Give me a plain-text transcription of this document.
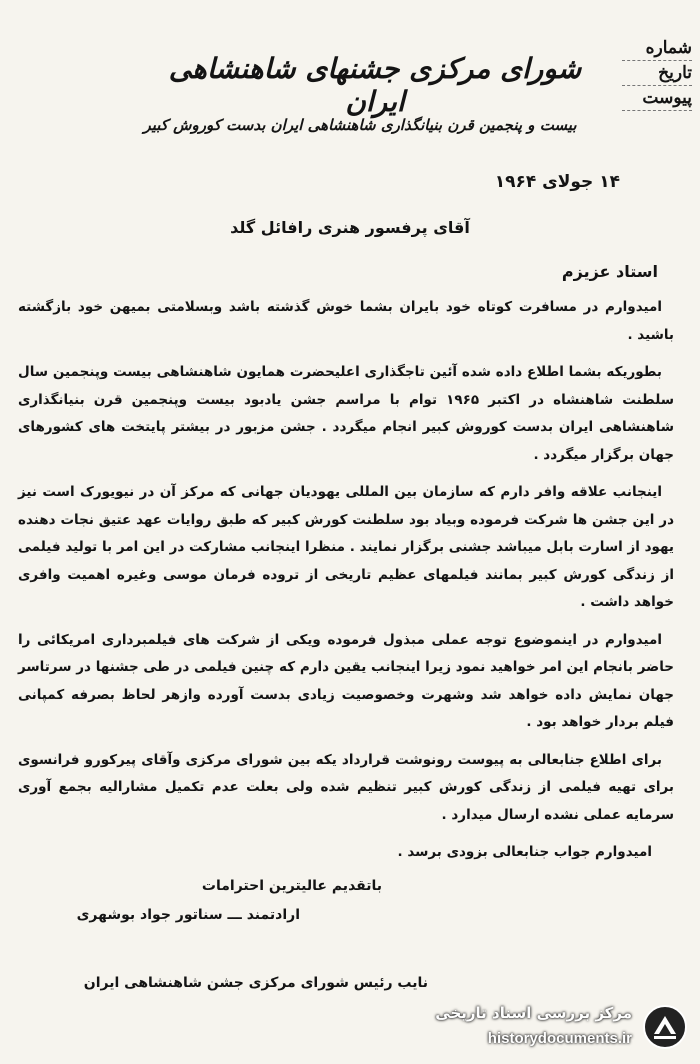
شماره
تاریخ
پیوست
شورای مرکزی جشنهای شاهنشاهی ایران
بیست و پنجمین قرن بنیانگذاری شاهنشاهی ایران بدست کوروش کبیر
۱۴ جولای ۱۹۶۴
آقای پرفسور هنری رافائل گلد
استاد عزیزم

امیدوارم در مسافرت کوتاه خود بایران بشما خوش گذشته باشد وبسلامتی بمیهن خود بازگشته باشید .

بطوریکه بشما اطلاع داده شده آئین تاجگذاری اعلیحضرت همایون شاهنشاهی بیست وپنجمین سال سلطنت شاهنشاه در اکتبر ۱۹۶۵ توام با مراسم جشن یادبود بیست وپنجمین قرن بنیانگذاری شاهنشاهی ایران بدست کوروش کبیر انجام میگردد . جشن مزبور در بیشتر پایتخت های کشورهای جهان برگزار میگردد .

اینجانب علاقه وافر دارم که سازمان بین المللی یهودیان جهانی که مرکز آن در نیویورک است نیز در این جشن ها شرکت فرموده وبیاد بود سلطنت کورش کبیر که طبق روایات عهد عتیق نجات دهنده یهود از اسارت بابل میباشد جشنی برگزار نمایند . منظرا اینجانب مشارکت در این امر با تولید فیلمی از زندگی کورش کبیر بمانند فیلمهای عظیم تاریخی از تروده فرمان موسی وغیره اهمیت وافری خواهد داشت .

امیدوارم در اینموضوع توجه عملی مبذول فرموده ویکی از شرکت های فیلمبرداری امریکائی را حاضر بانجام این امر خواهید نمود زیرا اینجانب یقین دارم که چنین فیلمی در طی جشنها در سرتاسر جهان نمایش داده خواهد شد وشهرت وخصوصیت زیادی بدست آورده وازهر لحاظ بصرفه کمپانی فیلم بردار خواهد بود .

برای اطلاع جنابعالی به پیوست رونوشت قرارداد یکه بین شورای مرکزی وآقای پیرکورو فرانسوی برای تهیه فیلمی از زندگی کورش کبیر تنظیم شده ولی بعلت عدم تکمیل مشارالیه بجمع آوری سرمایه عملی نشده ارسال میدارد .

امیدوارم جواب جنابعالی بزودی برسد .

باتقدیم عالیترین احترامات
ارادتمند ـــ سناتور جواد بوشهری
نایب رئیس شورای مرکزی جشن شاهنشاهی ایران
مرکز بررسی اسناد تاریخی
historydocuments.ir
